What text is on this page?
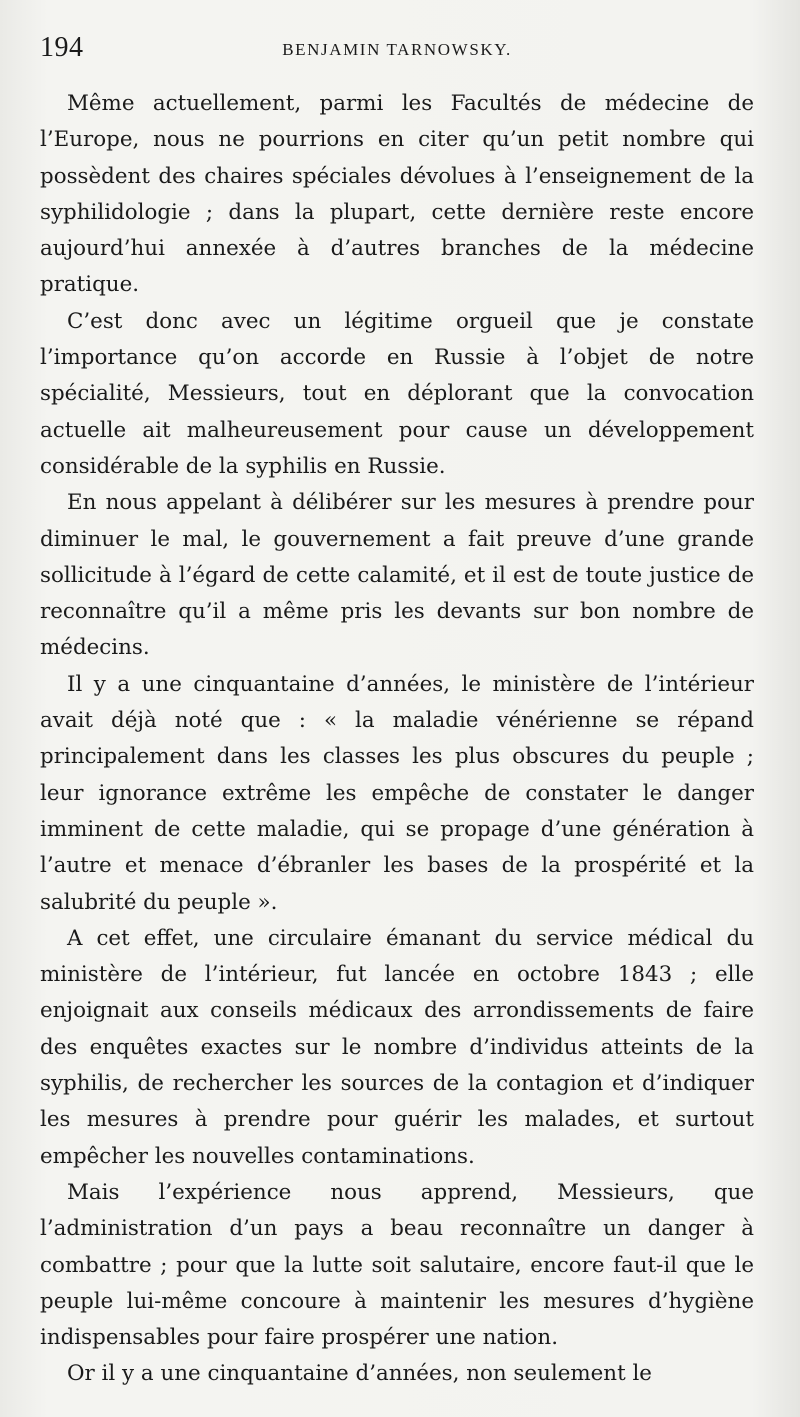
194	BENJAMIN TARNOWSKY.

Même actuellement, parmi les Facultés de médecine de l’Europe, nous ne pourrions en citer qu’un petit nombre qui possèdent des chaires spéciales dévolues à l’enseignement de la syphilidologie ; dans la plupart, cette dernière reste encore aujourd’hui annexée à d’autres branches de la médecine pratique.

C’est donc avec un légitime orgueil que je constate l’importance qu’on accorde en Russie à l’objet de notre spécialité, Messieurs, tout en déplorant que la convocation actuelle ait malheureusement pour cause un développement considérable de la syphilis en Russie.

En nous appelant à délibérer sur les mesures à prendre pour diminuer le mal, le gouvernement a fait preuve d’une grande sollicitude à l’égard de cette calamité, et il est de toute justice de reconnaître qu’il a même pris les devants sur bon nombre de médecins.

Il y a une cinquantaine d’années, le ministère de l’intérieur avait déjà noté que : « la maladie vénérienne se répand principalement dans les classes les plus obscures du peuple ; leur ignorance extrême les empêche de constater le danger imminent de cette maladie, qui se propage d’une génération à l’autre et menace d’ébranler les bases de la prospérité et la salubrité du peuple ».

A cet effet, une circulaire émanant du service médical du ministère de l’intérieur, fut lancée en octobre 1843 ; elle enjoignait aux conseils médicaux des arrondissements de faire des enquêtes exactes sur le nombre d’individus atteints de la syphilis, de rechercher les sources de la contagion et d’indiquer les mesures à prendre pour guérir les malades, et surtout empêcher les nouvelles contaminations.

Mais l’expérience nous apprend, Messieurs, que l’administration d’un pays a beau reconnaître un danger à combattre ; pour que la lutte soit salutaire, encore faut-il que le peuple lui-même concoure à maintenir les mesures d’hygiène indispensables pour faire prospérer une nation.

Or il y a une cinquantaine d’années, non seulement le
